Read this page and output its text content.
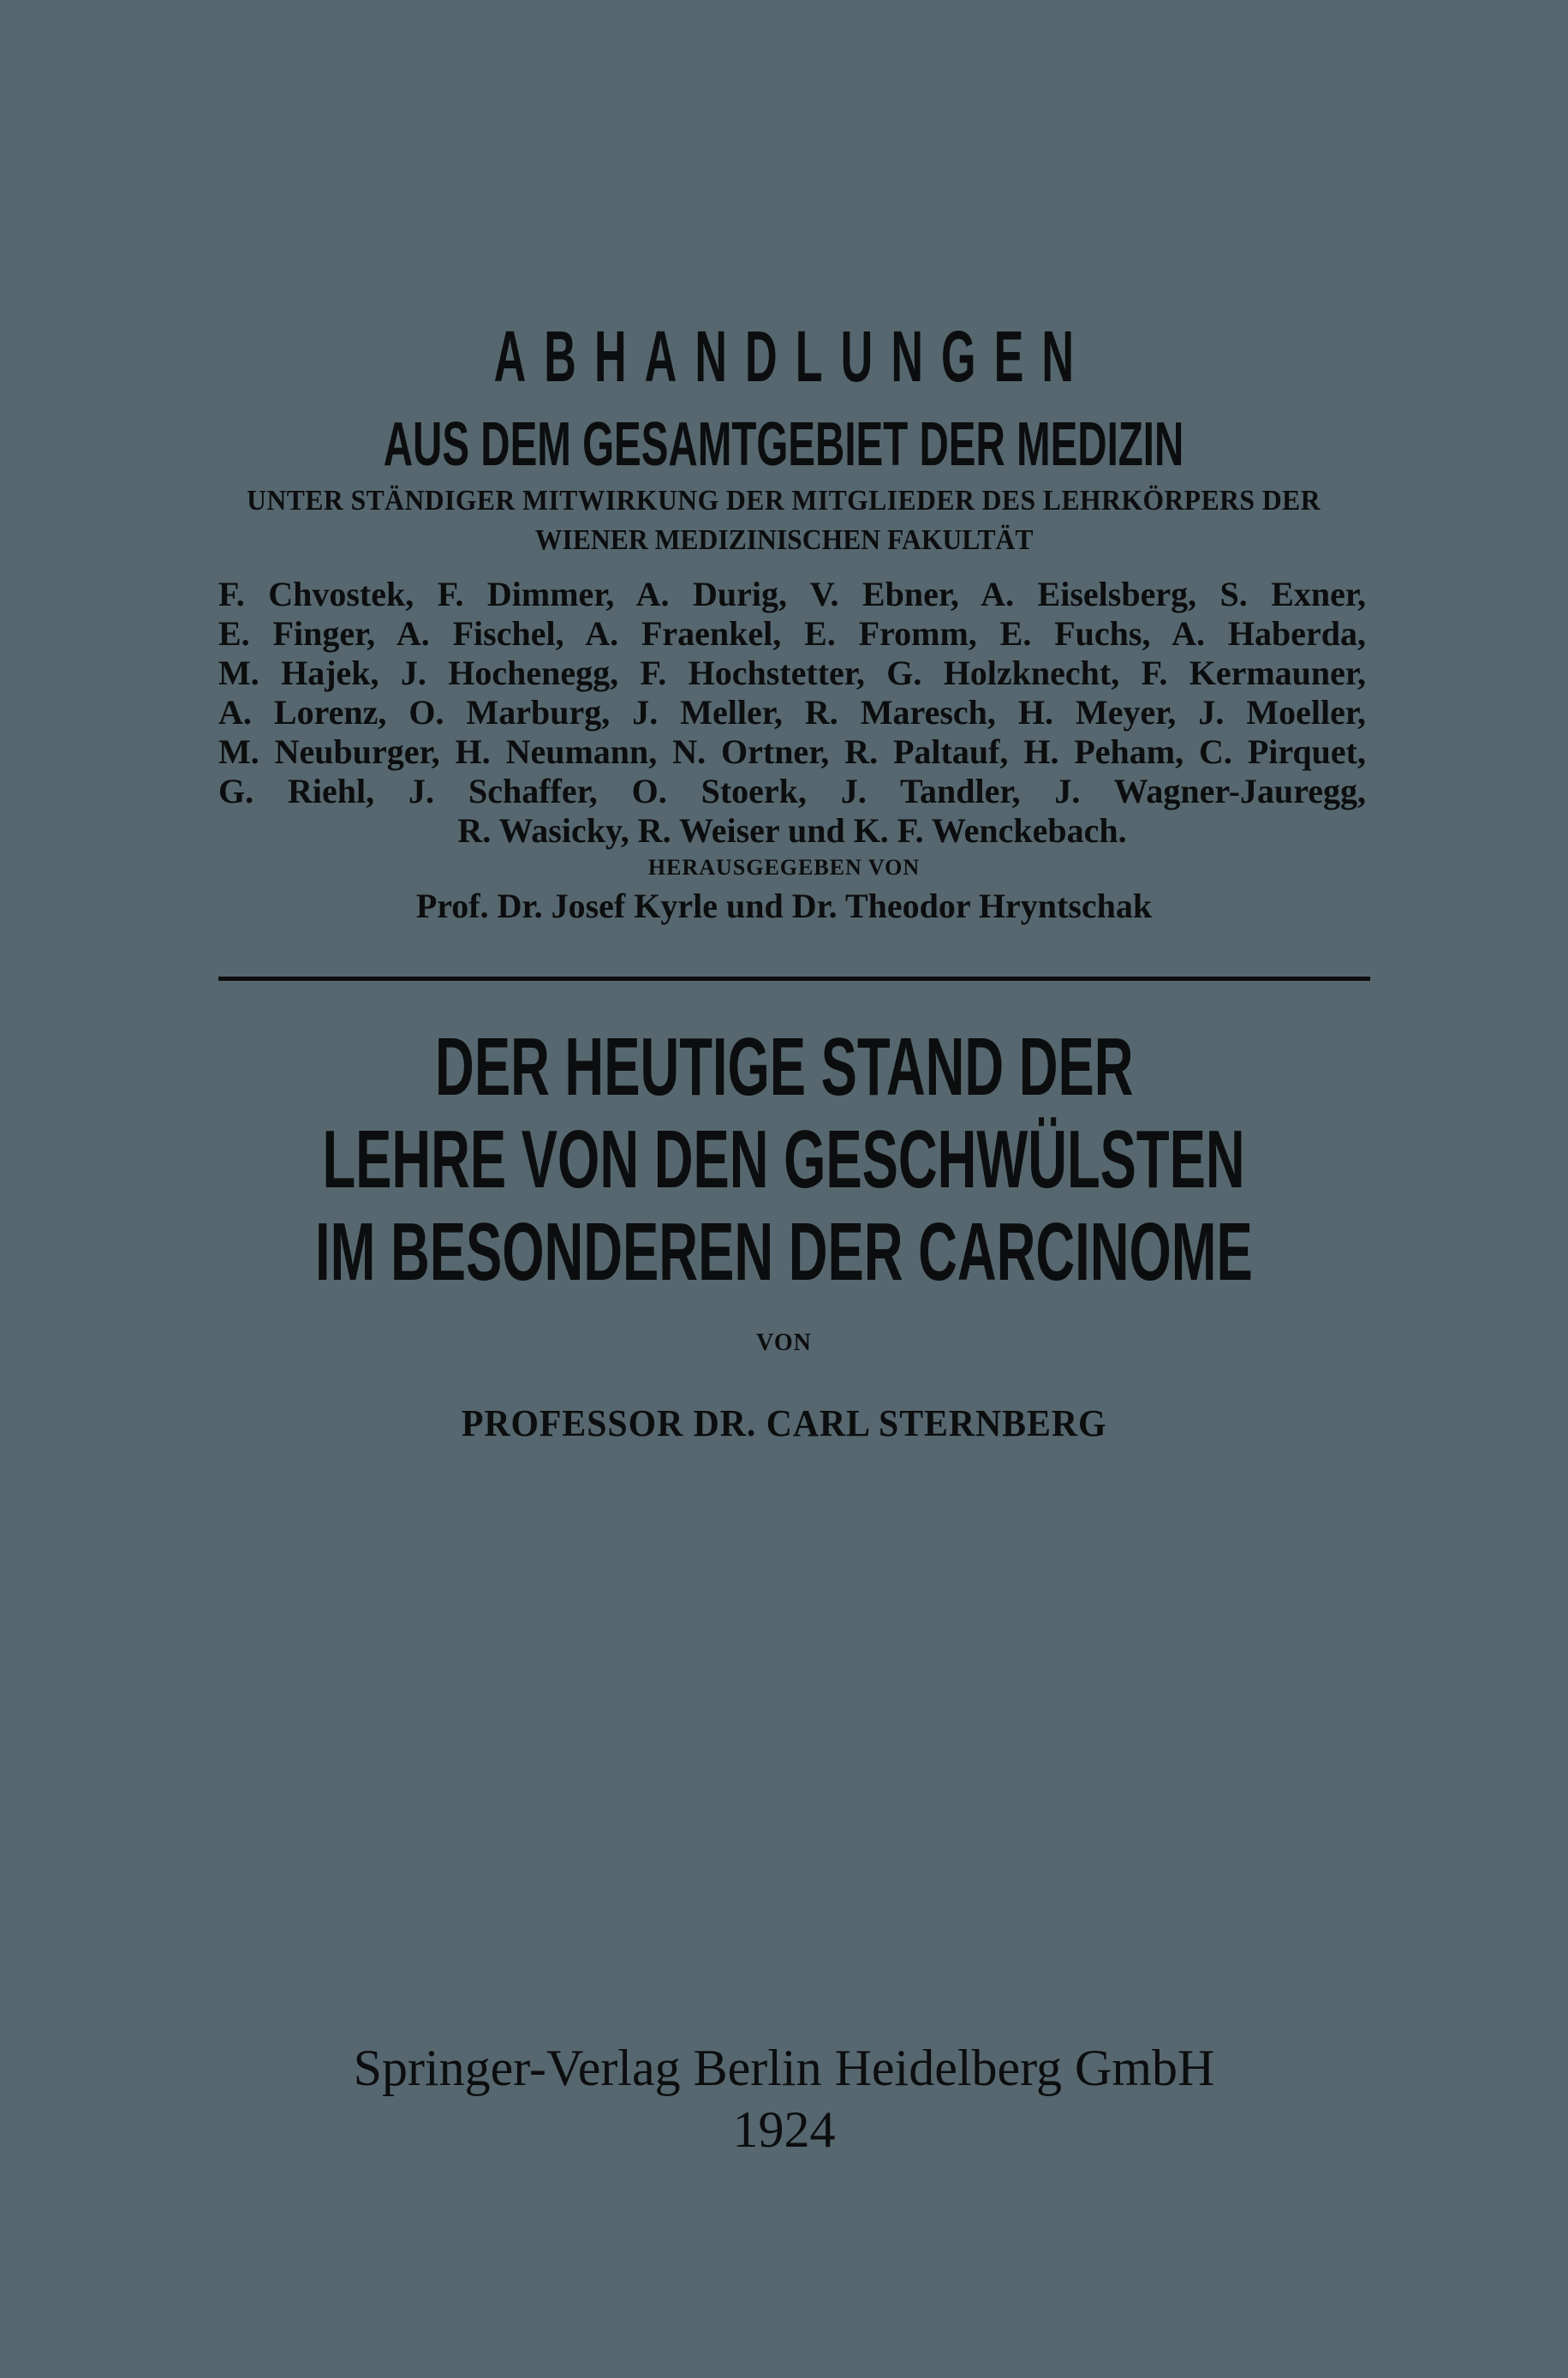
ABHANDLUNGEN
AUS DEM GESAMTGEBIET DER MEDIZIN
UNTER STÄNDIGER MITWIRKUNG DER MITGLIEDER DES LEHRKÖRPERS DER
WIENER MEDIZINISCHEN FAKULTÄT
F. Chvostek, F. Dimmer, A. Durig, V. Ebner, A. Eiselsberg, S. Exner,
E. Finger, A. Fischel, A. Fraenkel, E. Fromm, E. Fuchs, A. Haberda,
M. Hajek, J. Hochenegg, F. Hochstetter, G. Holzknecht, F. Kermauner,
A. Lorenz, O. Marburg, J. Meller, R. Maresch, H. Meyer, J. Moeller,
M. Neuburger, H. Neumann, N. Ortner, R. Paltauf, H. Peham, C. Pirquet,
G. Riehl, J. Schaffer, O. Stoerk, J. Tandler, J. Wagner-Jauregg,
R. Wasicky, R. Weiser und K. F. Wenckebach.
HERAUSGEGEBEN VON
Prof. Dr. Josef Kyrle und Dr. Theodor Hryntschak
DER HEUTIGE STAND DER
LEHRE VON DEN GESCHWÜLSTEN
IM BESONDEREN DER CARCINOME
VON
PROFESSOR DR. CARL STERNBERG
Springer-Verlag Berlin Heidelberg GmbH
1924
